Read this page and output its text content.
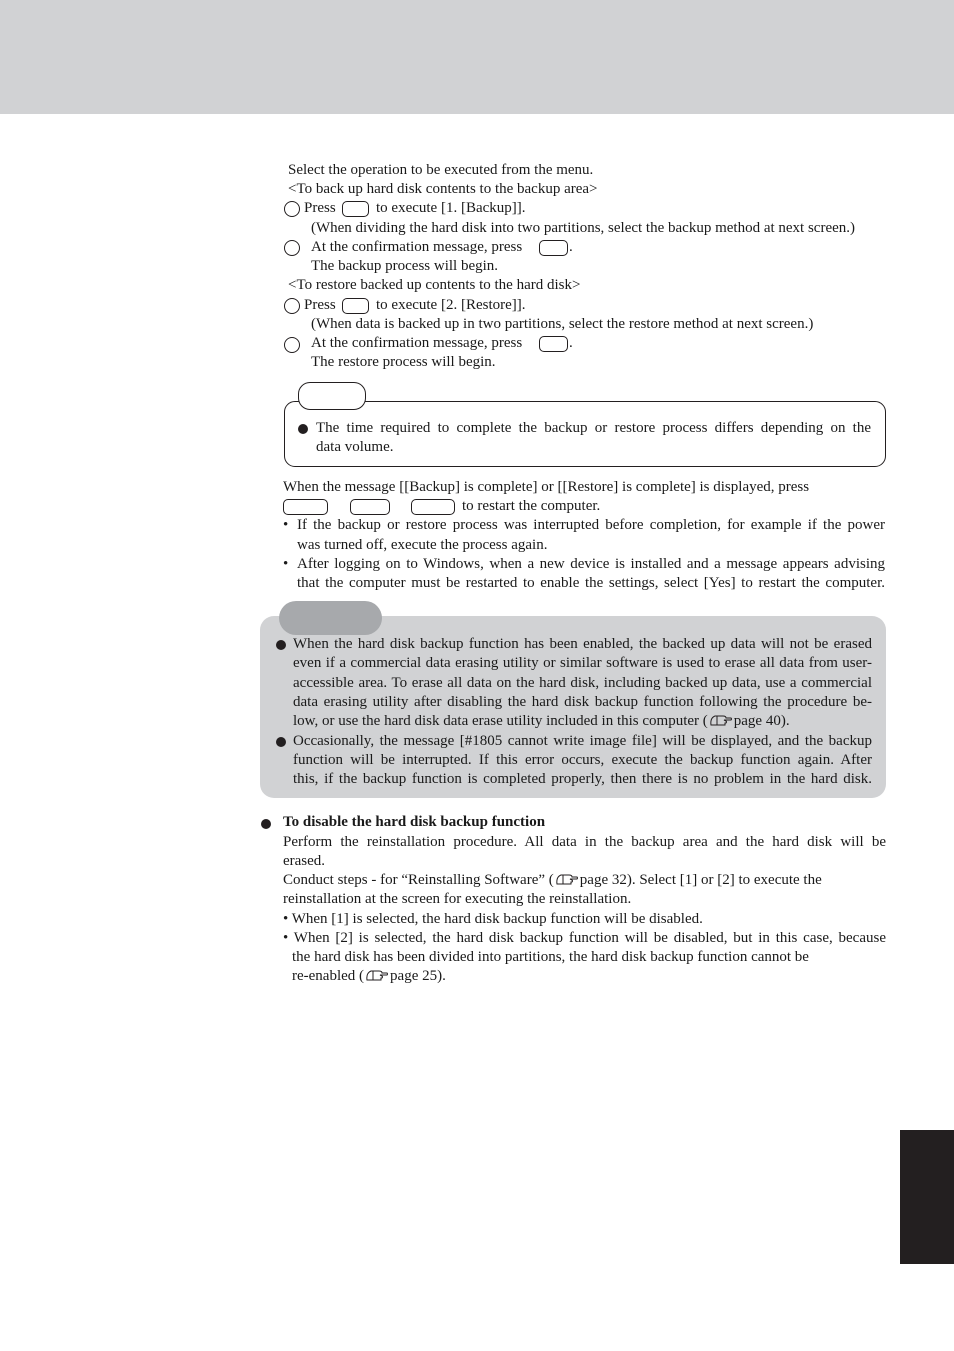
Select the operation to be executed from the menu.
<To back up hard disk contents to the backup area>
Press	to execute [1. [Backup]].
(When dividing the hard disk into two partitions, select the backup method at next screen.)
At the confirmation message, press	.
The backup process will begin.
<To restore backed up contents to the hard disk>
Press	to execute [2. [Restore]].
(When data is backed up in two partitions, select the restore method at next screen.)
At the confirmation message, press	.
The restore process will begin.
The time required to complete the backup or restore process differs depending on the
data volume.
When the message [[Backup] is complete] or [[Restore] is complete] is displayed, press
to restart the computer.
• If the backup or restore process was interrupted before completion, for example if the power
was turned off, execute the process again.
• After logging on to Windows, when a new device is installed and a message appears advising
that the computer must be restarted to enable the settings, select [Yes] to restart the computer.
When the hard disk backup function has been enabled, the backed up data will not be erased
even if a commercial data erasing utility or similar software is used to erase all data from user-
accessible area. To erase all data on the hard disk, including backed up data, use a commercial
data erasing utility after disabling the hard disk backup function following the procedure be-
low, or use the hard disk data erase utility included in this computer ( page 40).
Occasionally, the message [#1805 cannot write image file] will be displayed, and the backup
function will be interrupted. If this error occurs, execute the backup function again. After
this, if the backup function is completed properly, then there is no problem in the hard disk.
To disable the hard disk backup function
Perform the reinstallation procedure. All data in the backup area and the hard disk will be
erased.
Conduct steps - for “Reinstalling Software” ( page 32). Select [1] or [2] to execute the
reinstallation at the screen for executing the reinstallation.
• When [1] is selected, the hard disk backup function will be disabled.
• When [2] is selected, the hard disk backup function will be disabled, but in this case, because
the hard disk has been divided into partitions, the hard disk backup function cannot be
re-enabled ( page 25).
